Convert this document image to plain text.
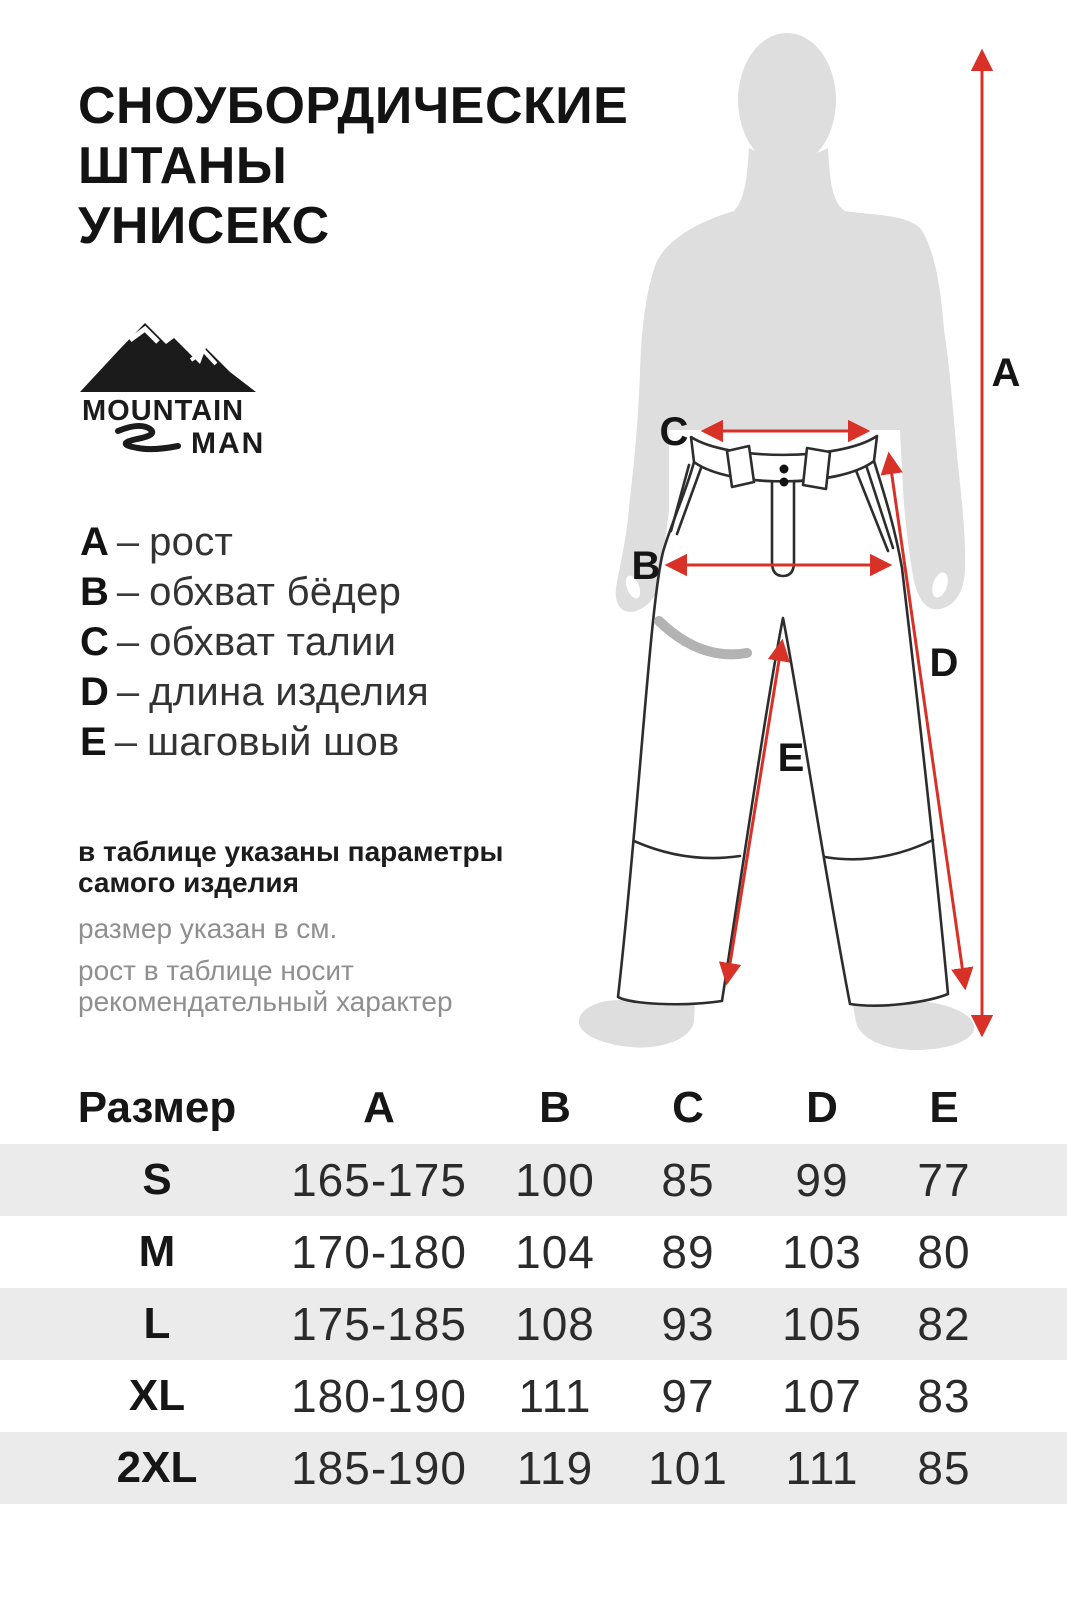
A
C
B
D
E
СНОУБОРДИЧЕСКИЕ
ШТАНЫ
УНИСЕКС
MOUNTAIN
MAN
A – рост
B – обхват бёдер
C – обхват талии
D – длина изделия
E – шаговый шов
в таблице указаны параметры самого изделия
размер указан в см.
рост в таблице носит рекомендательный характер
Размер	A	B C D E
S	165-175 100 85 99 77
M	170-180 104 89 103 80
L	175-185 108 93 105 82
XL 180-190 111 97 107 83
2XL 185-190 119 101 111 85
